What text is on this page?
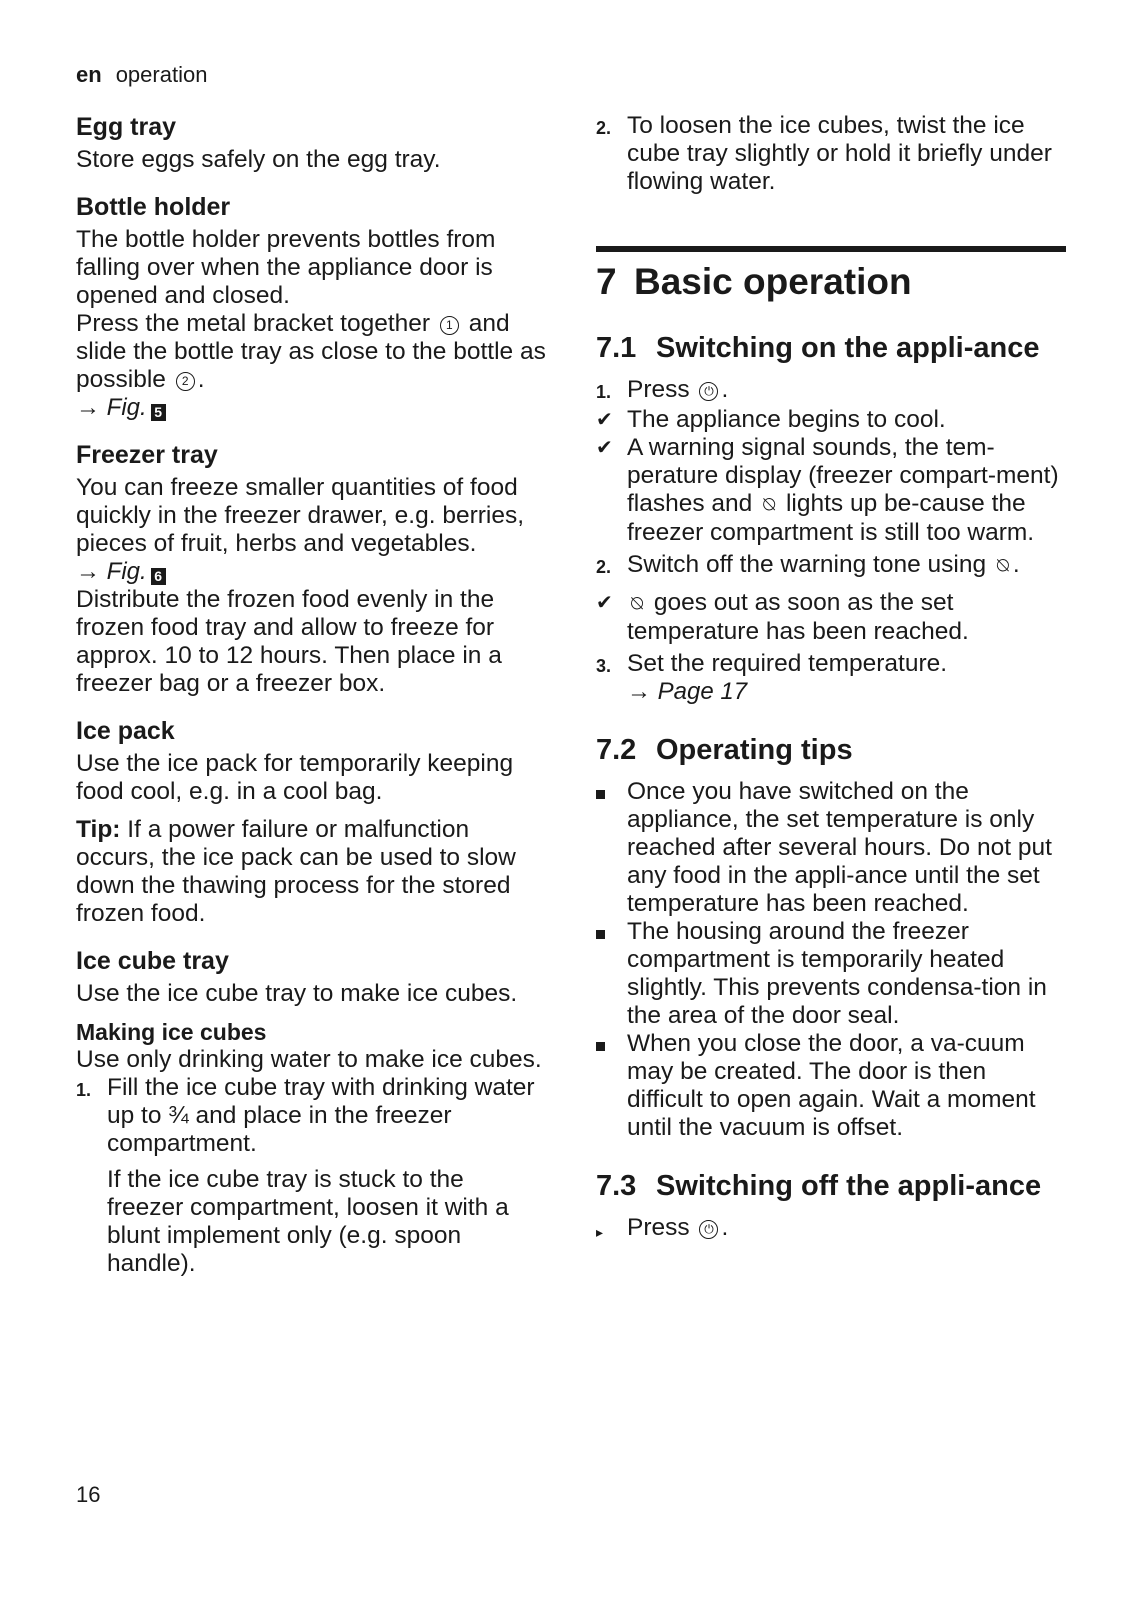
en operation
Egg tray

Store eggs safely on the egg tray.

Bottle holder

The bottle holder prevents bottles from falling over when the appliance door is opened and closed.

Press the metal bracket together 1 and slide the bottle tray as close to the bottle as possible 2 .

→ Fig. 5

Freezer tray

You can freeze smaller quantities of food quickly in the freezer drawer, e.g. berries, pieces of fruit, herbs and vegetables.

→ Fig. 6

Distribute the frozen food evenly in the frozen food tray and allow to freeze for approx. 10 to 12 hours. Then place in a freezer bag or a freezer box.

Ice pack

Use the ice pack for temporarily keeping food cool, e.g. in a cool bag.

Tip: If a power failure or malfunction occurs, the ice pack can be used to slow down the thawing process for the stored frozen food.

Ice cube tray

Use the ice cube tray to make ice cubes.

Making ice cubes

Use only drinking water to make ice cubes.

1. Fill the ice cube tray with drinking water up to ¾ and place in the freezer compartment.

If the ice cube tray is stuck to the freezer compartment, loosen it with a blunt implement only (e.g. spoon handle).

2. To loosen the ice cubes, twist the ice cube tray slightly or hold it briefly under flowing water.
7 Basic operation
7.1 Switching on the appli-ance
1. Press ⏻ .
✔ The appliance begins to cool.
✔ A warning signal sounds, the tem-perature display (freezer compart-ment) flashes and ⍉ lights up be-cause the freezer compartment is still too warm.
2. Switch off the warning tone using ⍉ .
✔ ⍉ goes out as soon as the set temperature has been reached.
3. Set the required temperature.
→ Page 17
7.2 Operating tips
Once you have switched on the appliance, the set temperature is only reached after several hours. Do not put any food in the appli-ance until the set temperature has been reached.
The housing around the freezer compartment is temporarily heated slightly. This prevents condensa-tion in the area of the door seal.
When you close the door, a va-cuum may be created. The door is then difficult to open again. Wait a moment until the vacuum is offset.
7.3 Switching off the appli-ance
▸ Press ⏻ .
16
